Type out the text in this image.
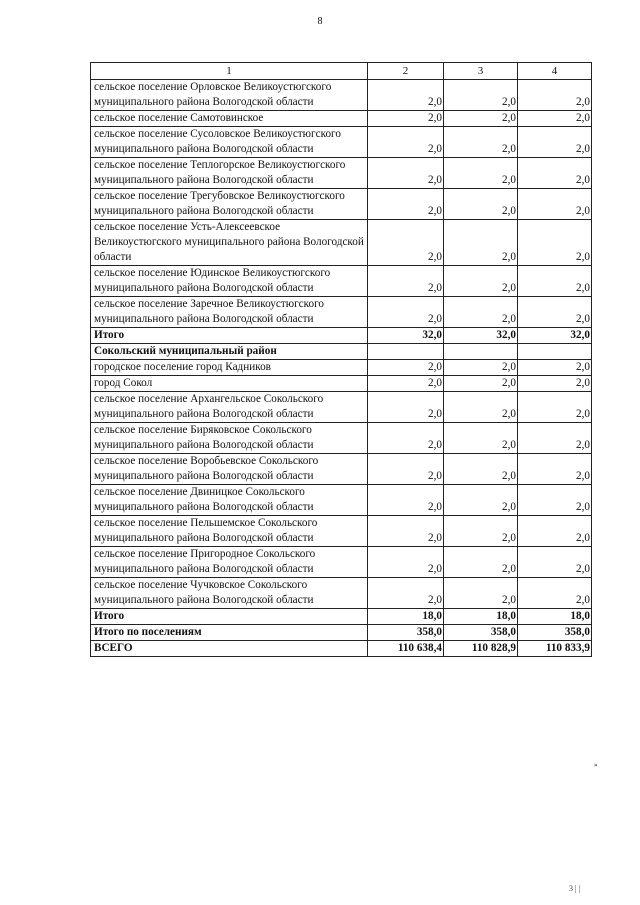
8
1	2	3	4
сельское поселение Орловское Великоустюгского муниципального района Вологодской области	2,0	2,0	2,0
сельское поселение Самотовинское	2,0	2,0	2,0
сельское поселение Сусоловское Великоустюгского муниципального района Вологодской области	2,0	2,0	2,0
сельское поселение Теплогорское Великоустюгского муниципального района Вологодской области	2,0	2,0	2,0
сельское поселение Трегубовское Великоустюгского муниципального района Вологодской области	2,0	2,0	2,0
сельское поселение Усть-Алексеевское Великоустюгского муниципального района Вологодской области	2,0	2,0	2,0
сельское поселение Юдинское Великоустюгского муниципального района Вологодской области	2,0	2,0	2,0
сельское поселение Заречное Великоустюгского муниципального района Вологодской области	2,0	2,0	2,0
Итого	32,0	32,0	32,0
Сокольский муниципальный район			
городское поселение город Кадников	2,0	2,0	2,0
город Сокол	2,0	2,0	2,0
сельское поселение Архангельское Сокольского муниципального района Вологодской области	2,0	2,0	2,0
сельское поселение Биряковское Сокольского муниципального района Вологодской области	2,0	2,0	2,0
сельское поселение Воробьевское Сокольского муниципального района Вологодской области	2,0	2,0	2,0
сельское поселение Двиницкое Сокольского муниципального района Вологодской области	2,0	2,0	2,0
сельское поселение Пельшемское Сокольского муниципального района Вологодской области	2,0	2,0	2,0
сельское поселение Пригородное Сокольского муниципального района Вологодской области	2,0	2,0	2,0
сельское поселение Чучковское Сокольского муниципального района Вологодской области	2,0	2,0	2,0
Итого	18,0	18,0	18,0
Итого по поселениям	358,0	358,0	358,0
ВСЕГО	110 638,4	110 828,9	110 833,9
»
3 | |
